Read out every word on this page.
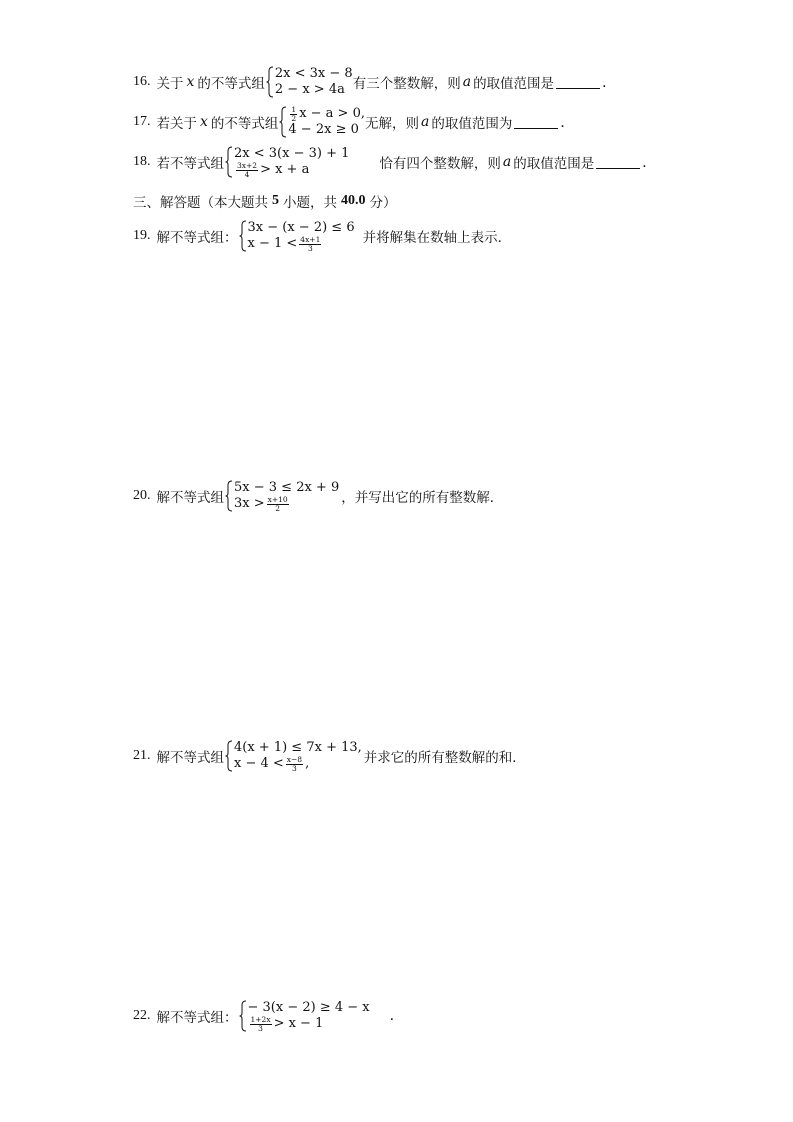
16. 关于 x 的不等式组
2x < 3x − 8
2 − x > 4a 有三个整数解，则 a 的取值范围是	．
17. 若关于 x 的不等式组
$\frac{1}{2}$ x − a > 0,
4 − 2x ≥ 0 无解，则 a 的取值范围为	．
18. 若不等式组
2x < 3(x − 3) + 1
$\frac{3x+2}{4} > x + a$	恰有四个整数解，则 a 的取值范围是	．
三、解答题（本大题共 5 小题，共 40.0 分）
19. 解不等式组：
3x − (x − 2) ≤ 6
$x - 1 < \frac{4x+1}{3}$	并将解集在数轴上表示．
20. 解不等式组
5x − 3 ≤ 2x + 9
$3x > \frac{x+10}{2}$	，并写出它的所有整数解．
21. 解不等式组
4(x + 1) ≤ 7x + 13,
$x - 4 < \frac{x-8}{3}$ ,	并求它的所有整数解的和．
22. 解不等式组：
− 3(x − 2) ≥ 4 − x
$\frac{1+2x}{3} > x - 1$	.
